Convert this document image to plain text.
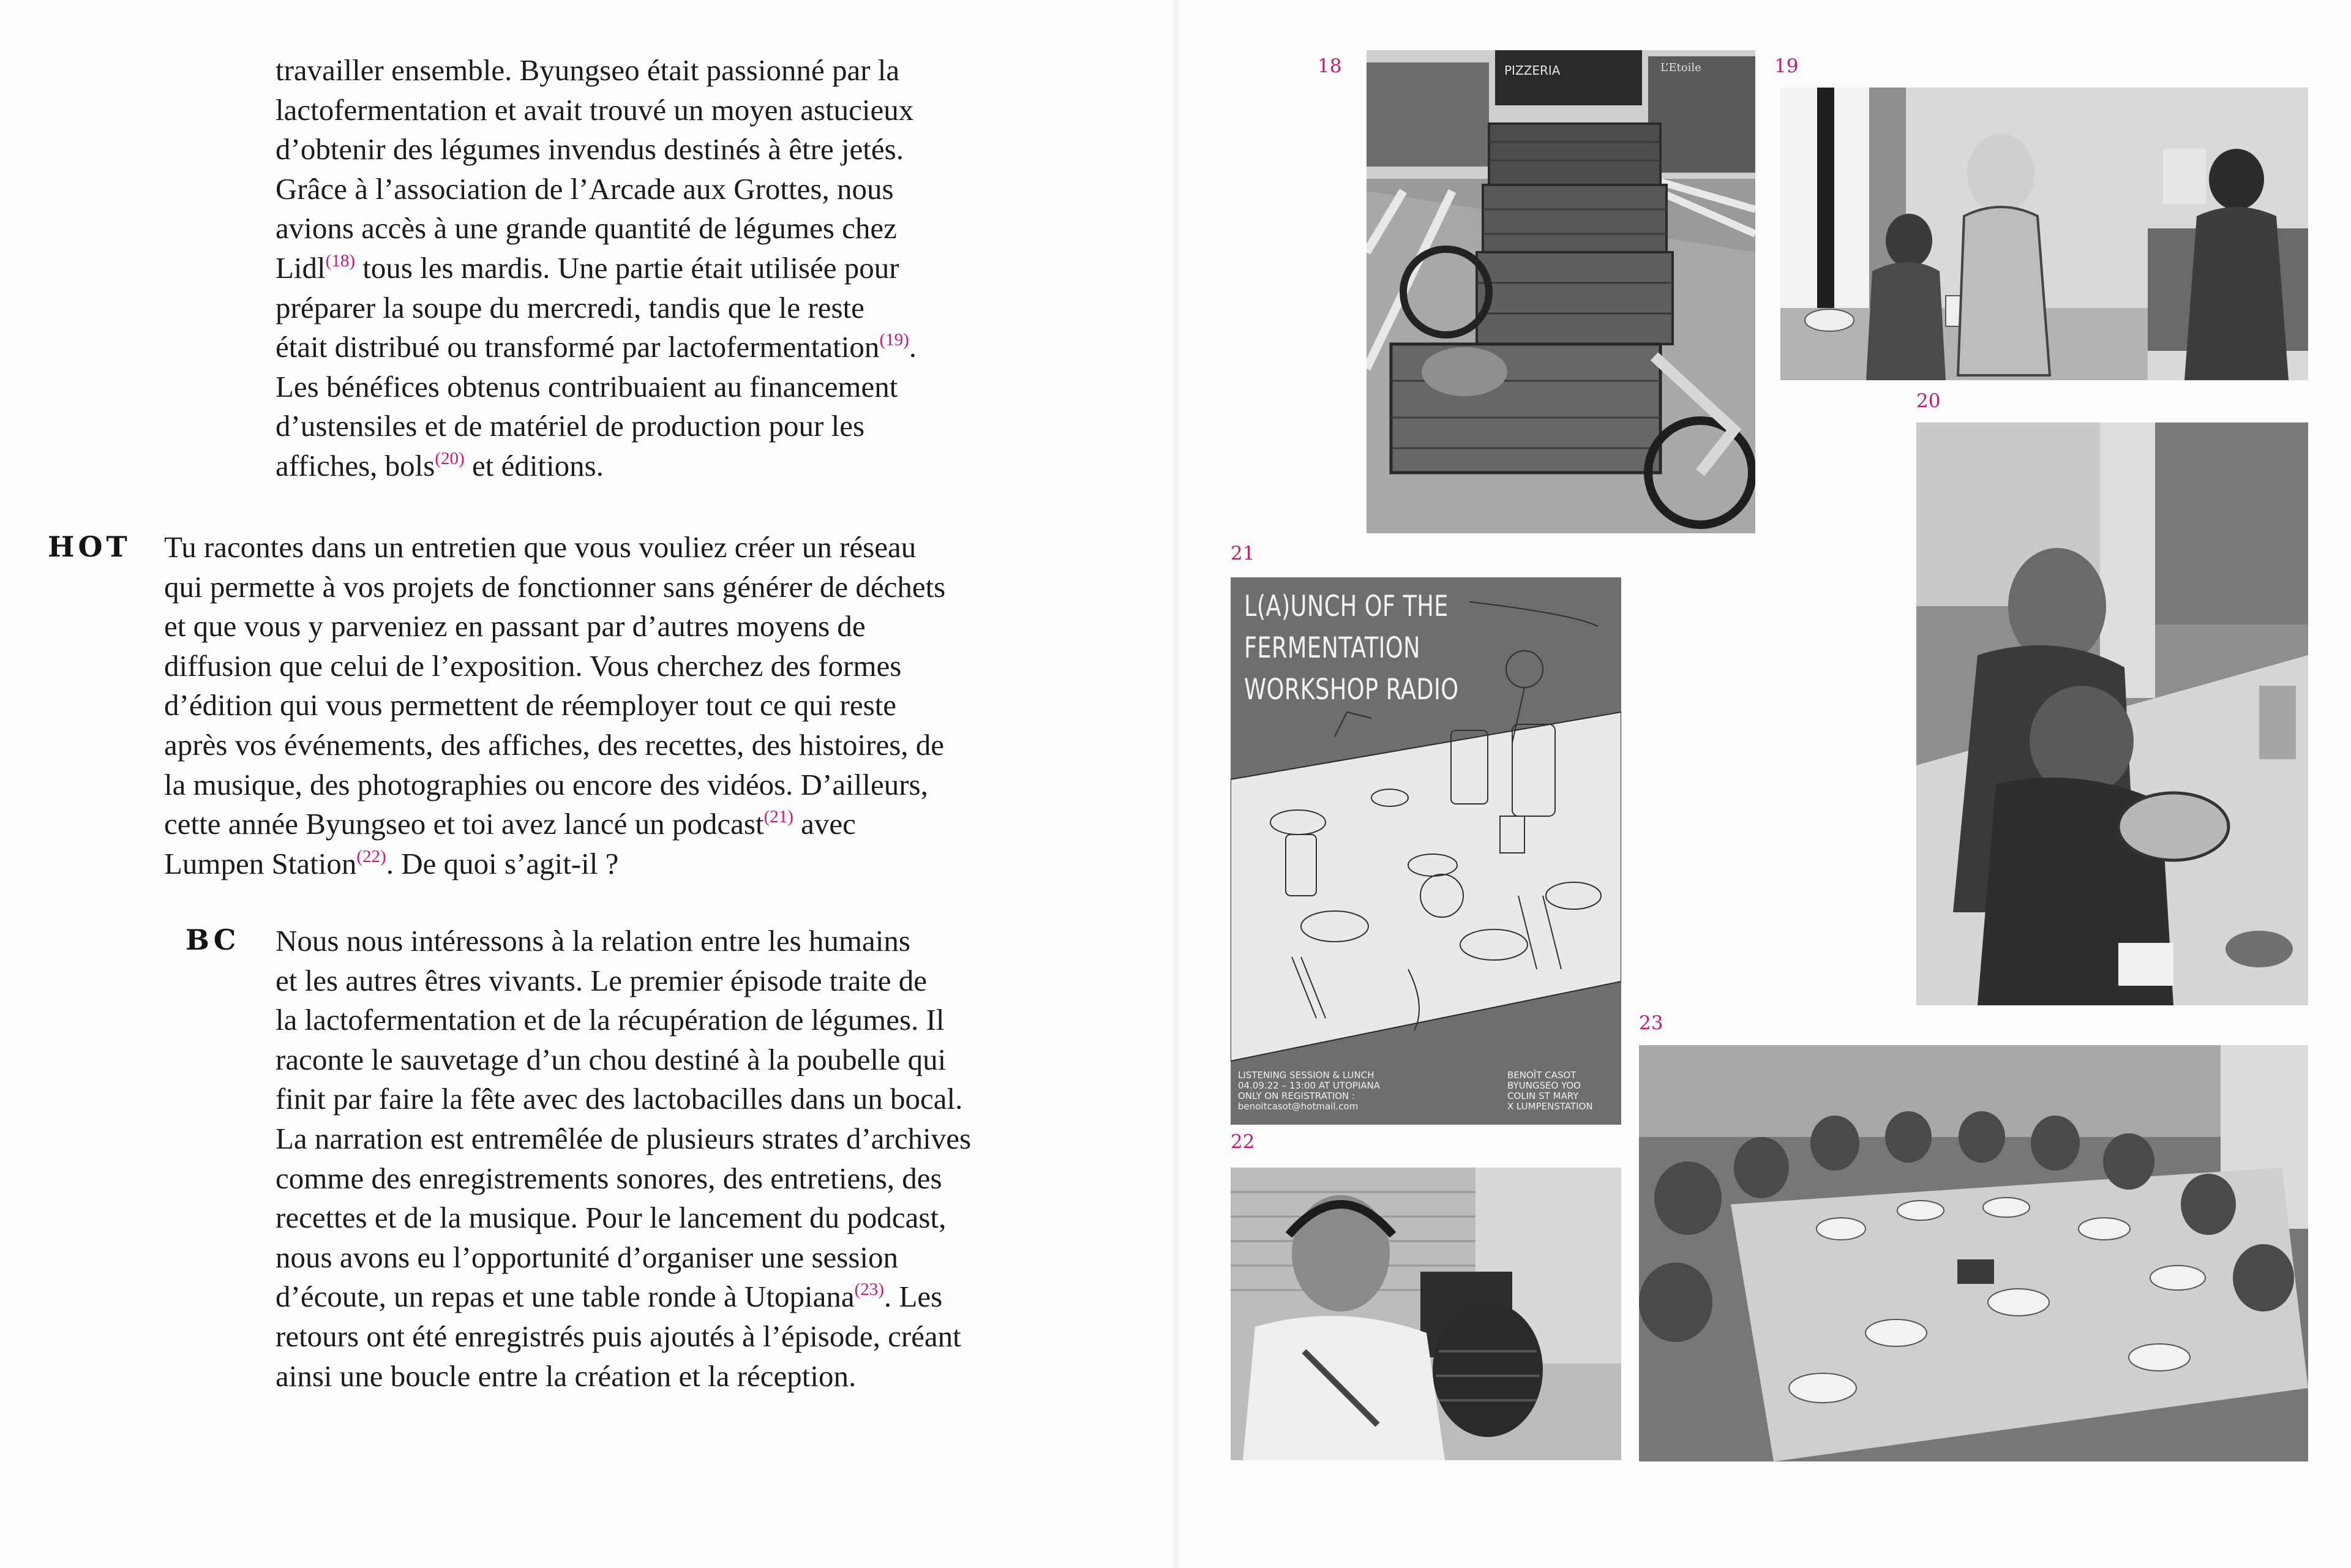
travailler ensemble. Byungseo était passionné par la
lactofermentation et avait trouvé un moyen astucieux
d’obtenir des légumes invendus destinés à être jetés.
Grâce à l’association de l’Arcade aux Grottes, nous
avions accès à une grande quantité de légumes chez
Lidl$^{(18)}$ tous les mardis. Une partie était utilisée pour
préparer la soupe du mercredi, tandis que le reste
était distribué ou transformé par lactofermentation$^{(19)}$.
Les bénéfices obtenus contribuaient au financement
d’ustensiles et de matériel de production pour les
affiches, bols$^{(20)}$ et éditions.
HOT Tu racontes dans un entretien que vous vouliez créer un réseau
qui permette à vos projets de fonctionner sans générer de déchets
et que vous y parveniez en passant par d’autres moyens de
diffusion que celui de l’exposition. Vous cherchez des formes
d’édition qui vous permettent de réemployer tout ce qui reste
après vos événements, des affiches, des recettes, des histoires, de
la musique, des photographies ou encore des vidéos. D’ailleurs,
cette année Byungseo et toi avez lancé un podcast$^{(21)}$ avec
Lumpen Station$^{(22)}$. De quoi s’agit-il ?
BC Nous nous intéressons à la relation entre les humains
et les autres êtres vivants. Le premier épisode traite de
la lactofermentation et de la récupération de légumes. Il
raconte le sauvetage d’un chou destiné à la poubelle qui
finit par faire la fête avec des lactobacilles dans un bocal.
La narration est entremêlée de plusieurs strates d’archives
comme des enregistrements sonores, des entretiens, des
recettes et de la musique. Pour le lancement du podcast,
nous avons eu l’opportunité d’organiser une session
d’écoute, un repas et une table ronde à Utopiana$^{(23)}$. Les
retours ont été enregistrés puis ajoutés à l’épisode, créant
ainsi une boucle entre la création et la réception.
18	19
20
21
22
23
PIZZERIA	L’Etoile
L(A)UNCH OF THE
FERMENTATION
WORKSHOP RADIO
LISTENING SESSION & LUNCH
04.09.22 – 13:00 AT UTOPIANA
ONLY ON REGISTRATION :
benoitcasot@hotmail.com
BENOÎT CASOT
BYUNGSEO YOO
COLIN ST MARY
X LUMPENSTATION
